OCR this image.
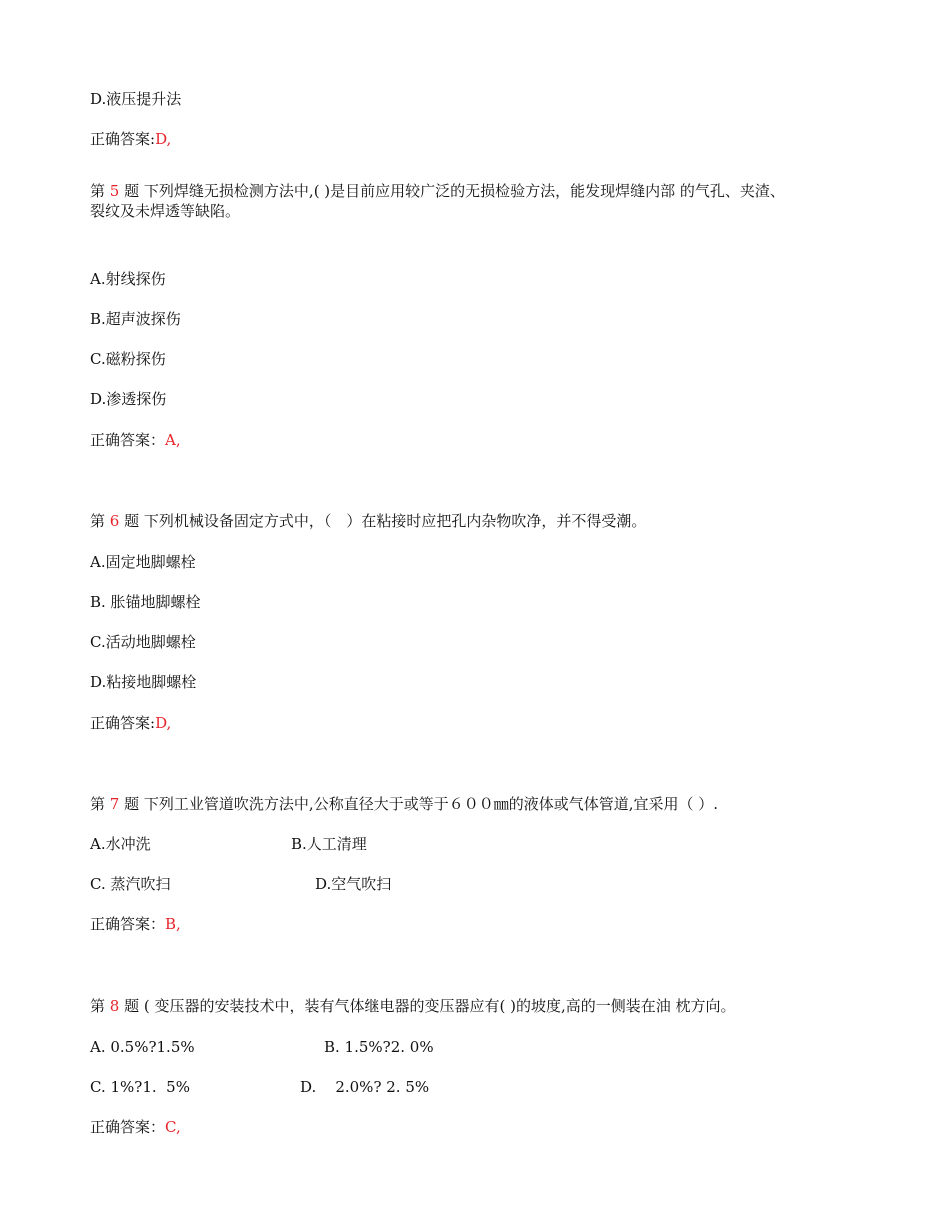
D.液压提升法
正确答案:D,
第 5 题 下列焊缝无损检测方法中,( )是目前应用较广泛的无损检验方法，能发现焊缝内部 的气孔、夹渣、
裂纹及未焊透等缺陷。
A.射线探伤
B.超声波探伤
C.磁粉探伤
D.渗透探伤
正确答案：A,
第 6 题 下列机械设备固定方式中，（　）在粘接时应把孔内杂物吹净，并不得受潮。
A.固定地脚螺栓
B. 胀锚地脚螺栓
C.活动地脚螺栓
D.粘接地脚螺栓
正确答案:D,
第 7 题 下列工业管道吹洗方法中,公称直径大于或等于６００㎜的液体或气体管道,宜采用（ ）.
A.水冲洗	B.人工清理
C. 蒸汽吹扫	D.空气吹扫
正确答案：B,
第 8 题 ( 变压器的安装技术中，装有气体继电器的变压器应有( )的坡度,高的一侧装在油 枕方向。
A. 0.5%?1.5%	B. 1.5%?2. 0%
C. 1%?1.  5%	D.    2.0%? 2. 5%
正确答案：C,
